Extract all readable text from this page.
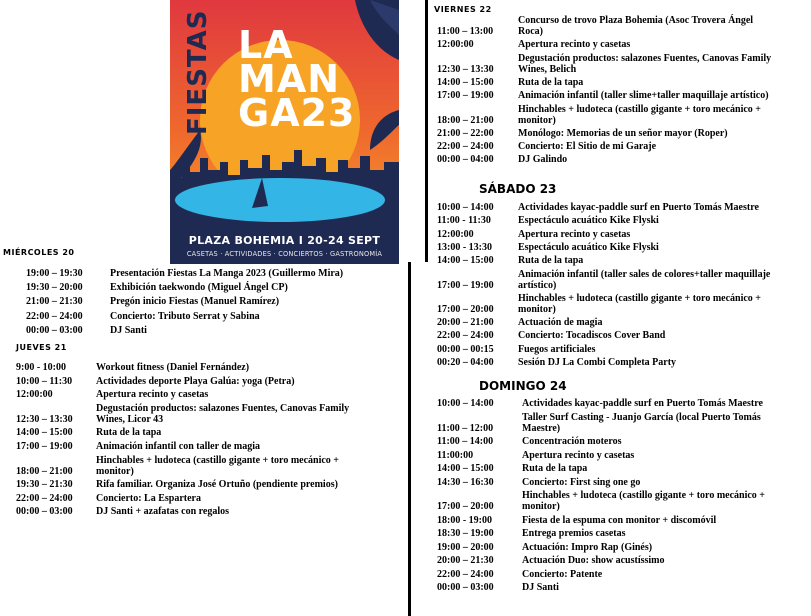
FIESTAS LA
MAN
GA23
PLAZA BOHEMIA I 20-24 SEPT
CASETAS · ACTIVIDADES · CONCIERTOS · GASTRONOMÍA
MIÉRCOLES 20
JUEVES 21
VIERNES 22
SÁBADO 23
DOMINGO 24
19:00 – 19:30	Presentación Fiestas La Manga 2023 (Guillermo Mira)
19:30 – 20:00	Exhibición taekwondo (Miguel Ángel CP)
21:00 – 21:30	Pregón inicio Fiestas (Manuel Ramírez)
22:00 – 24:00	Concierto: Tributo Serrat y Sabina
00:00 – 03:00	DJ Santi
9:00 - 10:00	Workout fitness (Daniel Fernández)
10:00 – 11:30 Actividades deporte Playa Galúa: yoga (Petra)
12:00:00	Apertura recinto y casetas
12:30 – 13:30
Degustación productos: salazones Fuentes, Canovas Family
Wines, Licor 43
14:00 – 15:00 Ruta de la tapa
17:00 – 19:00 Animación infantil con taller de magia
18:00 – 21:00
Hinchables + ludoteca (castillo gigante + toro mecánico +
monitor)
19:30 – 21:30 Rifa familiar. Organiza José Ortuño (pendiente premios)
22:00 – 24:00 Concierto: La Espartera
00:00 – 03:00 DJ Santi + azafatas con regalos
11:00 – 13:00
Concurso de trovo Plaza Bohemia (Asoc Trovera Ángel
Roca)
12:00:00	Apertura recinto y casetas
12:30 – 13:30
Degustación productos: salazones Fuentes, Canovas Family
Wines, Belich
14:00 – 15:00 Ruta de la tapa
17:00 – 19:00 Animación infantil (taller slime+taller maquillaje artístico)
18:00 – 21:00
Hinchables + ludoteca (castillo gigante + toro mecánico +
monitor)
21:00 – 22:00 Monólogo: Memorias de un señor mayor (Roper)
22:00 – 24:00 Concierto: El Sitio de mi Garaje
00:00 – 04:00 DJ Galindo
10:00 – 14:00 Actividades kayac-paddle surf en Puerto Tomás Maestre
11:00 - 11:30	Espectáculo acuático Kike Flyski
12:00:00	Apertura recinto y casetas
13:00 - 13:30	Espectáculo acuático Kike Flyski
14:00 – 15:00 Ruta de la tapa
17:00 – 19:00
Animación infantil (taller sales de colores+taller maquillaje
artístico)
17:00 – 20:00
Hinchables + ludoteca (castillo gigante + toro mecánico +
monitor)
20:00 – 21:00 Actuación de magia
22:00 – 24:00 Concierto: Tocadiscos Cover Band
00:00 – 00:15 Fuegos artificiales
00:20 – 04:00 Sesión DJ La Combi Completa Party
10:00 – 14:00	Actividades kayac-paddle surf en Puerto Tomás Maestre
11:00 – 12:00
Taller Surf Casting - Juanjo García (local Puerto Tomás
Maestre)
11:00 – 14:00	Concentración moteros
11:00:00	Apertura recinto y casetas
14:00 – 15:00	Ruta de la tapa
14:30 – 16:30	Concierto: First sing one go
17:00 – 20:00
Hinchables + ludoteca (castillo gigante + toro mecánico +
monitor)
18:00 - 19:00	Fiesta de la espuma con monitor + discomóvil
18:30 – 19:00	Entrega premios casetas
19:00 – 20:00	Actuación: Impro Rap (Ginés)
20:00 – 21:30	Actuación Duo: show acustíssimo
22:00 – 24:00	Concierto: Patente
00:00 – 03:00	DJ Santi
